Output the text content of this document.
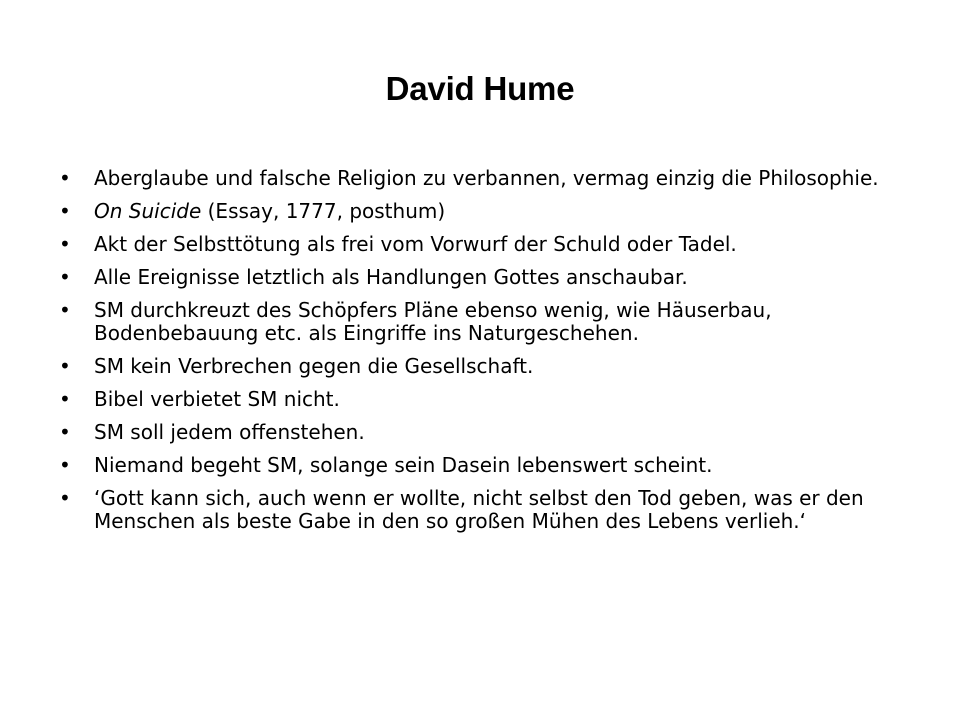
David Hume
•	Aberglaube und falsche Religion zu verbannen, vermag einzig die Philosophie.
•	On Suicide (Essay, 1777, posthum)
•	Akt der Selbsttötung als frei vom Vorwurf der Schuld oder Tadel.
•	Alle Ereignisse letztlich als Handlungen Gottes anschaubar.
•	SM durchkreuzt des Schöpfers Pläne ebenso wenig, wie Häuserbau, Bodenbebauung etc. als Eingriffe ins Naturgeschehen.
•	SM kein Verbrechen gegen die Gesellschaft.
•	Bibel verbietet SM nicht.
•	SM soll jedem offenstehen.
•	Niemand begeht SM, solange sein Dasein lebenswert scheint.
•	‘Gott kann sich, auch wenn er wollte, nicht selbst den Tod geben, was er den Menschen als beste Gabe in den so großen Mühen des Lebens verlieh.‘
